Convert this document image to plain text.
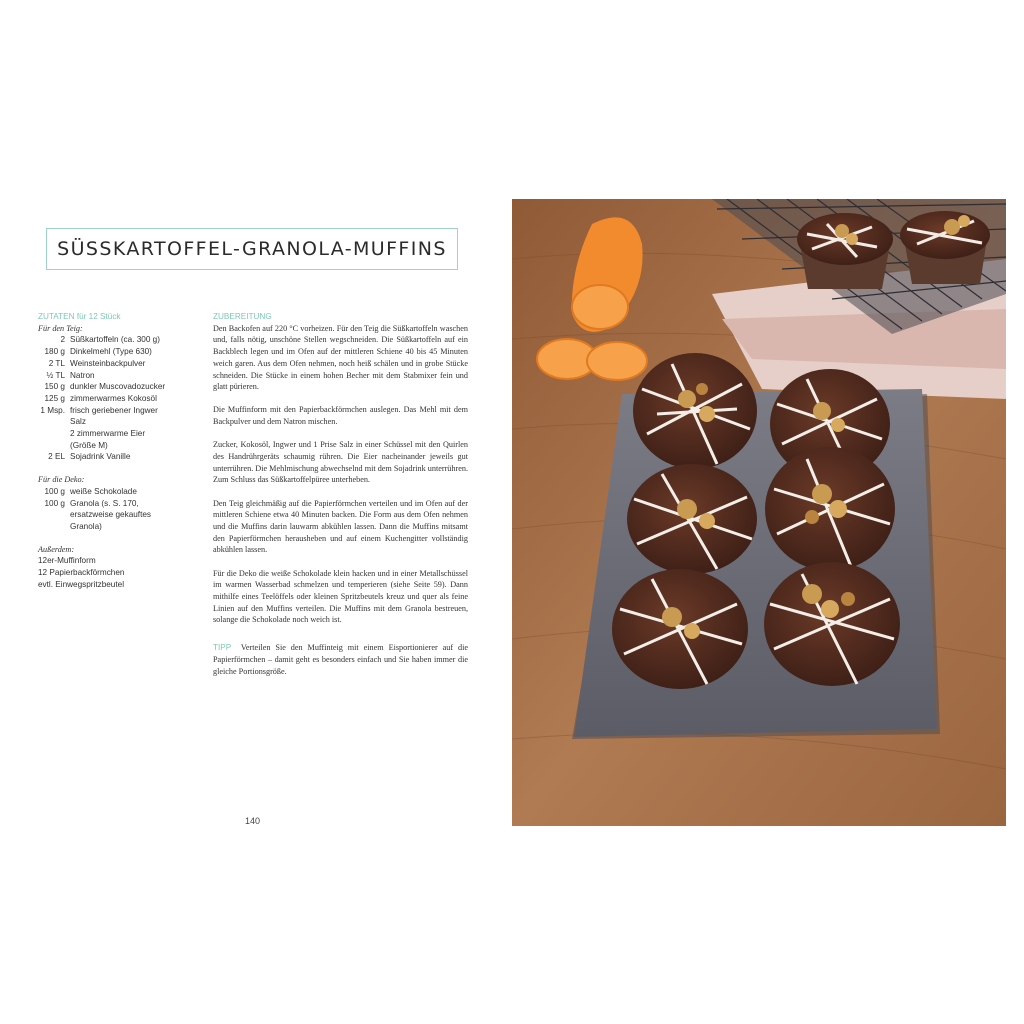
SÜSSKARTOFFEL-GRANOLA-MUFFINS

ZUTATEN für 12 Stück

Für den Teig:

2 Süßkartoffeln (ca. 300 g)
180 g Dinkelmehl (Type 630)
2 TL Weinsteinbackpulver
½ TL Natron
150 g dunkler Muscovadozucker
125 g zimmerwarmes Kokosöl
1 Msp. frisch geriebener Ingwer
Salz
2 zimmerwarme Eier
(Größe M)
2 EL Sojadrink Vanille

Für die Deko:

100 g weiße Schokolade
100 g Granola (s. S. 170,
ersatzweise gekauftes
Granola)

Außerdem:

12er-Muffinform
12 Papierbackförmchen
evtl. Einwegspritzbeutel

ZUBEREITUNG

Den Backofen auf 220 °C vorheizen. Für den Teig die Süßkartoffeln waschen und, falls nötig, unschöne Stellen wegschneiden. Die Süßkartoffeln auf ein Backblech legen und im Ofen auf der mittleren Schiene 40 bis 45 Minuten weich garen. Aus dem Ofen nehmen, noch heiß schälen und in grobe Stücke schneiden. Die Stücke in einem hohen Becher mit dem Stabmixer fein und glatt pürieren.

Die Muffinform mit den Papierbackförmchen auslegen. Das Mehl mit dem Backpulver und dem Natron mischen.

Zucker, Kokosöl, Ingwer und 1 Prise Salz in einer Schüssel mit den Quirlen des Handrührgeräts schaumig rühren. Die Eier nacheinander jeweils gut unterrühren. Die Mehlmischung abwechselnd mit dem Sojadrink unterrühren. Zum Schluss das Süßkartoffelpüree unterheben.

Den Teig gleichmäßig auf die Papierförmchen verteilen und im Ofen auf der mittleren Schiene etwa 40 Minuten backen. Die Form aus dem Ofen nehmen und die Muffins darin lauwarm abkühlen lassen. Dann die Muffins mitsamt den Papierförmchen herausheben und auf einem Kuchengitter vollständig abkühlen lassen.

Für die Deko die weiße Schokolade klein hacken und in einer Metallschüssel im warmen Wasserbad schmelzen und temperieren (siehe Seite 59). Dann mithilfe eines Teelöffels oder kleinen Spritzbeutels kreuz und quer als feine Linien auf den Muffins verteilen. Die Muffins mit dem Granola bestreuen, solange die Schokolade noch weich ist.

TIPP Verteilen Sie den Muffinteig mit einem Eisportionierer auf die Papierförmchen – damit geht es besonders einfach und Sie haben immer die gleiche Portionsgröße.

140
